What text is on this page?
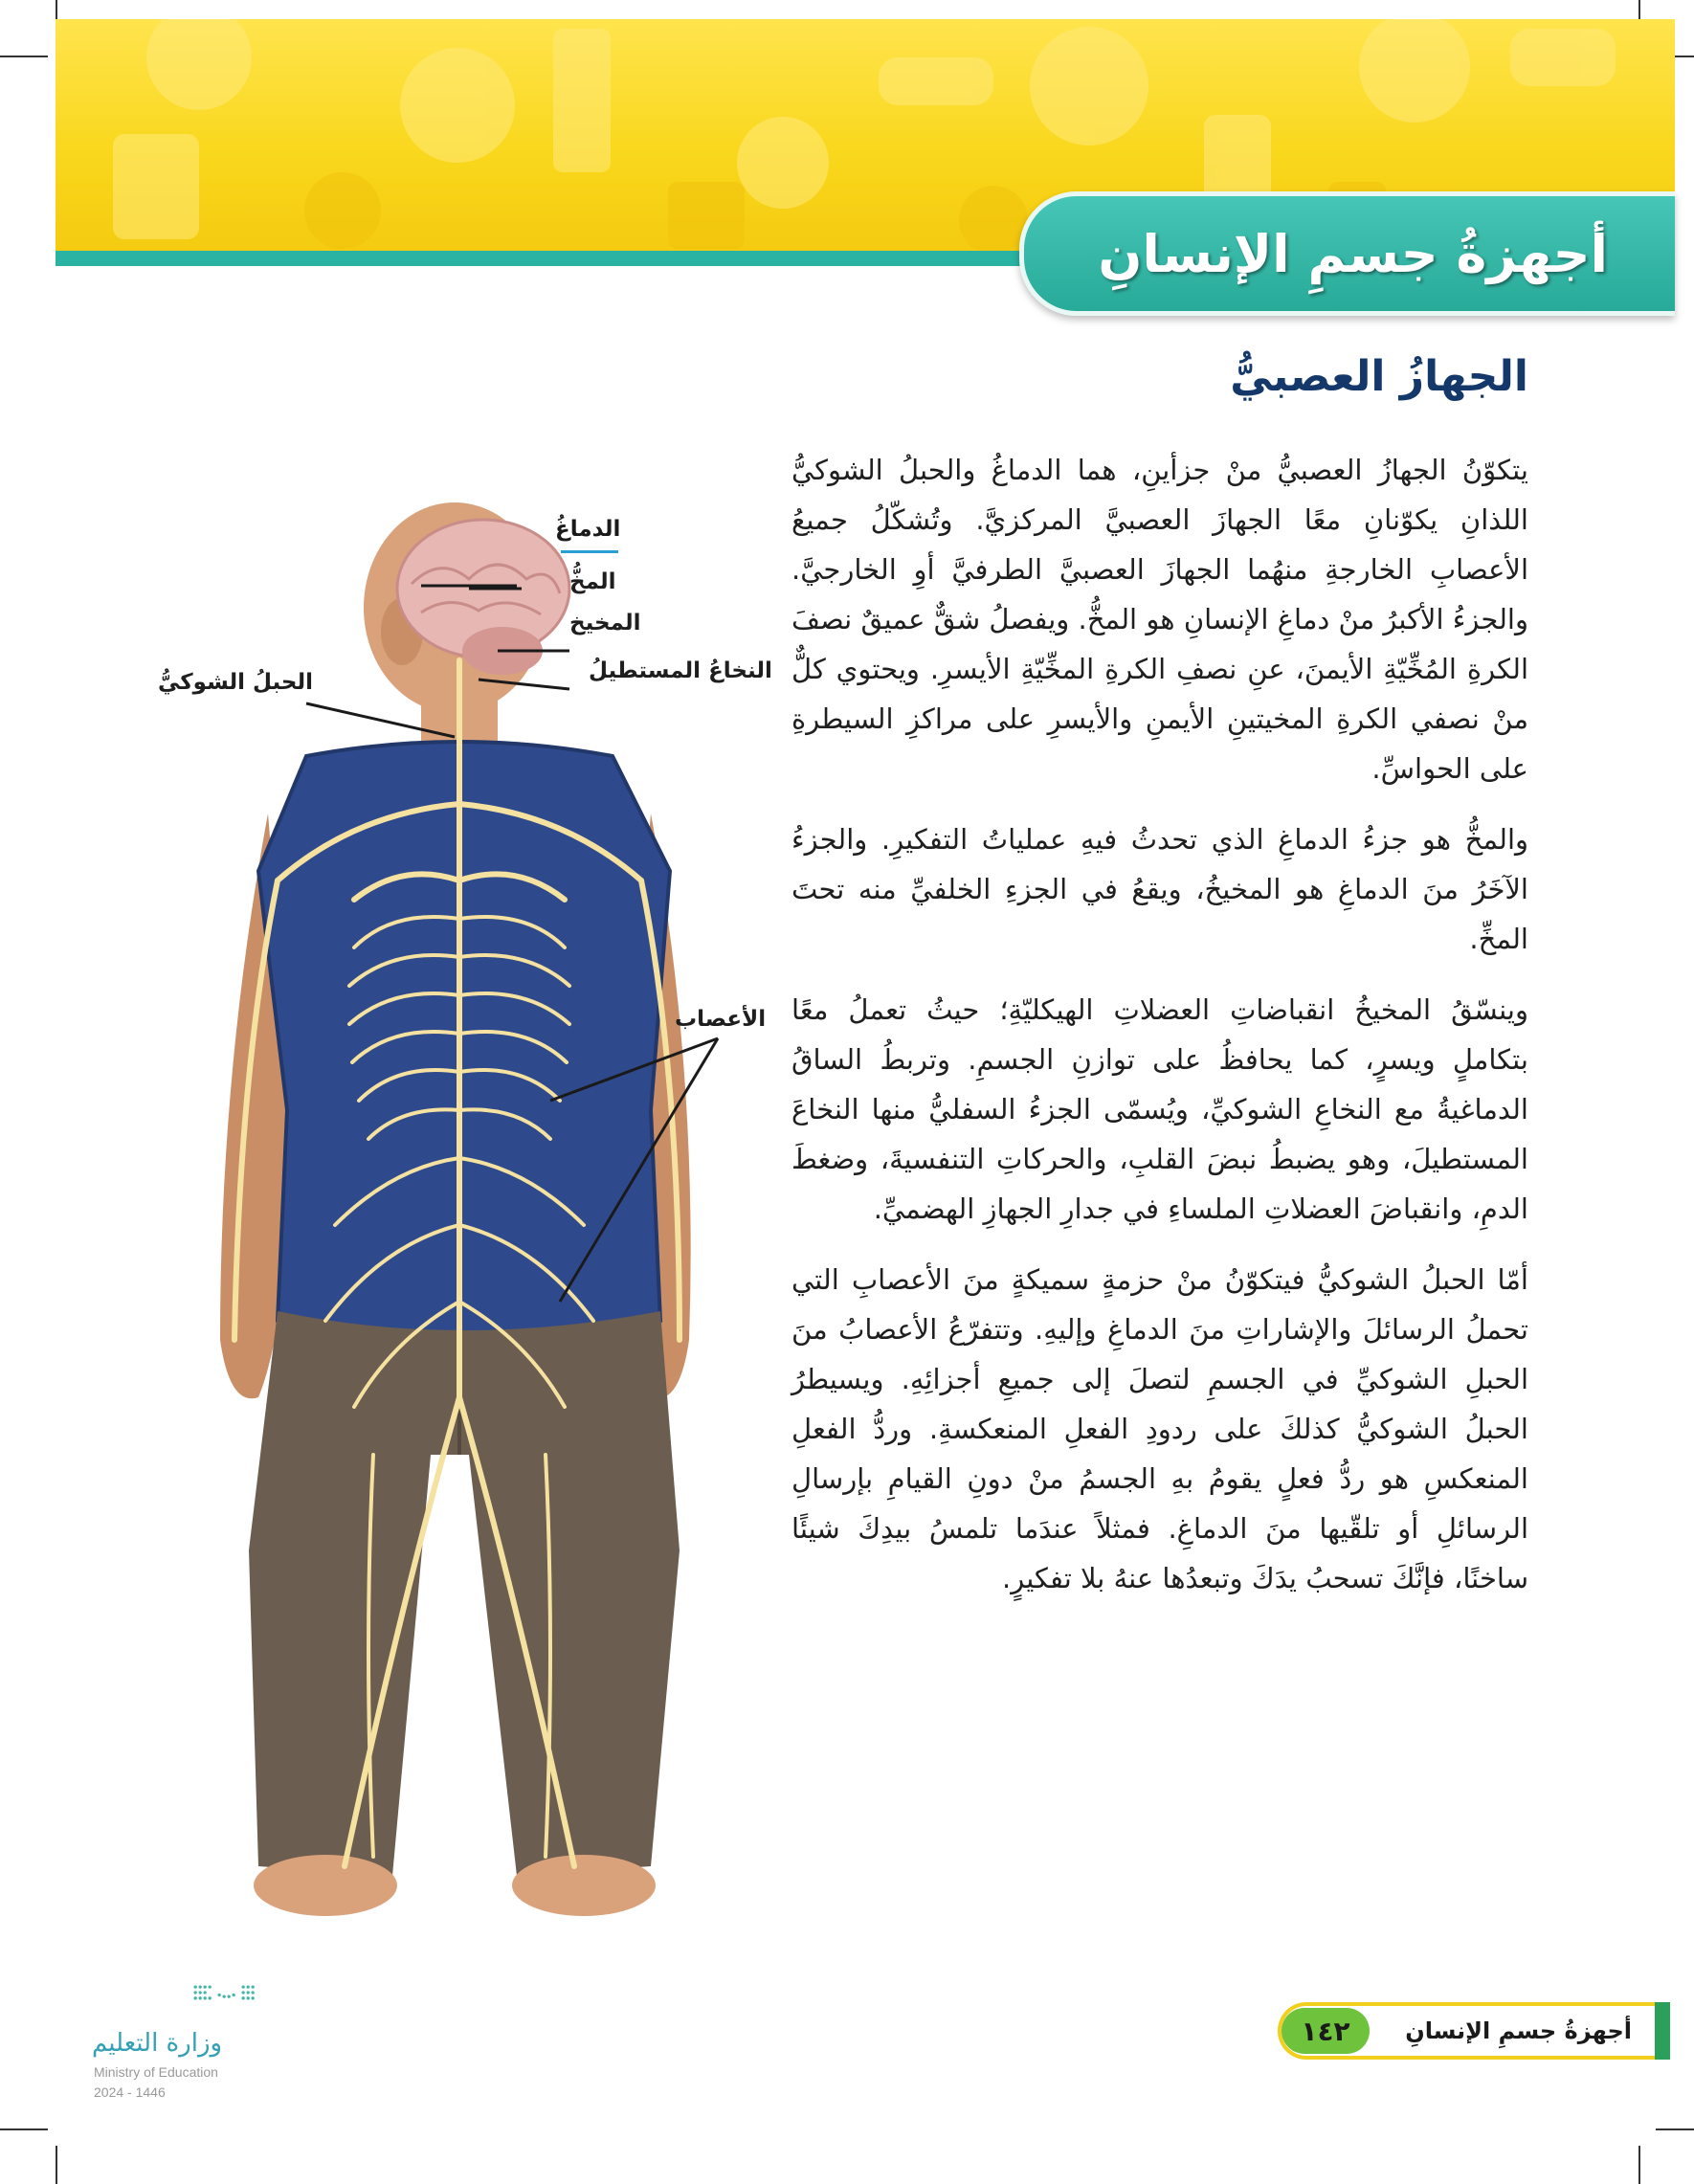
أجهزةُ جسمِ الإنسانِ
الجهازُ العصبيُّ

يتكوّنُ الجهازُ العصبيُّ منْ جزأينِ، هما الدماغُ والحبلُ الشوكيُّ اللذانِ يكوّنانِ معًا الجهازَ العصبيَّ المركزيَّ. وتُشكّلُ جميعُ الأعصابِ الخارجةِ منهُما الجهازَ العصبيَّ الطرفيَّ أوِ الخارجيَّ. والجزءُ الأكبرُ منْ دماغِ الإنسانِ هو المخُّ. ويفصلُ شقٌّ عميقٌ نصفَ الكرةِ المُخِّيّةِ الأيمنَ، عنِ نصفِ الكرةِ المخِّيّةِ الأيسرِ. ويحتوي كلٌّ منْ نصفي الكرةِ المخيتينِ الأيمنِ والأيسرِ على مراكزِ السيطرةِ على الحواسِّ.

والمخُّ هو جزءُ الدماغِ الذي تحدثُ فيهِ عملياتُ التفكيرِ. والجزءُ الآخَرُ منَ الدماغِ هو المخيخُ، ويقعُ في الجزءِ الخلفيِّ منه تحتَ المخِّ.

وينسّقُ المخيخُ انقباضاتِ العضلاتِ الهيكليّةِ؛ حيثُ تعملُ معًا بتكاملٍ ويسرٍ، كما يحافظُ على توازنِ الجسمِ. وتربطُ الساقُ الدماغيةُ مع النخاعِ الشوكيِّ، ويُسمّى الجزءُ السفليُّ منها النخاعَ المستطيلَ، وهو يضبطُ نبضَ القلبِ، والحركاتِ التنفسيةَ، وضغطَ الدمِ، وانقباضَ العضلاتِ الملساءِ في جدارِ الجهازِ الهضميِّ.

أمّا الحبلُ الشوكيُّ فيتكوّنُ منْ حزمةٍ سميكةٍ منَ الأعصابِ التي تحملُ الرسائلَ والإشاراتِ منَ الدماغِ وإليهِ. وتتفرّعُ الأعصابُ منَ الحبلِ الشوكيِّ في الجسمِ لتصلَ إلى جميعِ أجزائِهِ. ويسيطرُ الحبلُ الشوكيُّ كذلكَ على ردودِ الفعلِ المنعكسةِ. وردُّ الفعلِ المنعكسِ هو ردُّ فعلٍ يقومُ بهِ الجسمُ منْ دونِ القيامِ بإرسالِ الرسائلِ أو تلقّيها منَ الدماغِ. فمثلاً عندَما تلمسُ بيدِكَ شيئًا ساخنًا، فإنَّكَ تسحبُ يدَكَ وتبعدُها عنهُ بلا تفكيرٍ.

الدماغُ
المخُّ
المخيخ
النخاعُ المستطيلُ
الحبلُ الشوكيُّ
الأعصاب
وزارة التعليم
Ministry of Education
2024 - 1446
أجهزةُ جسمِ الإنسانِ
١٤٢
